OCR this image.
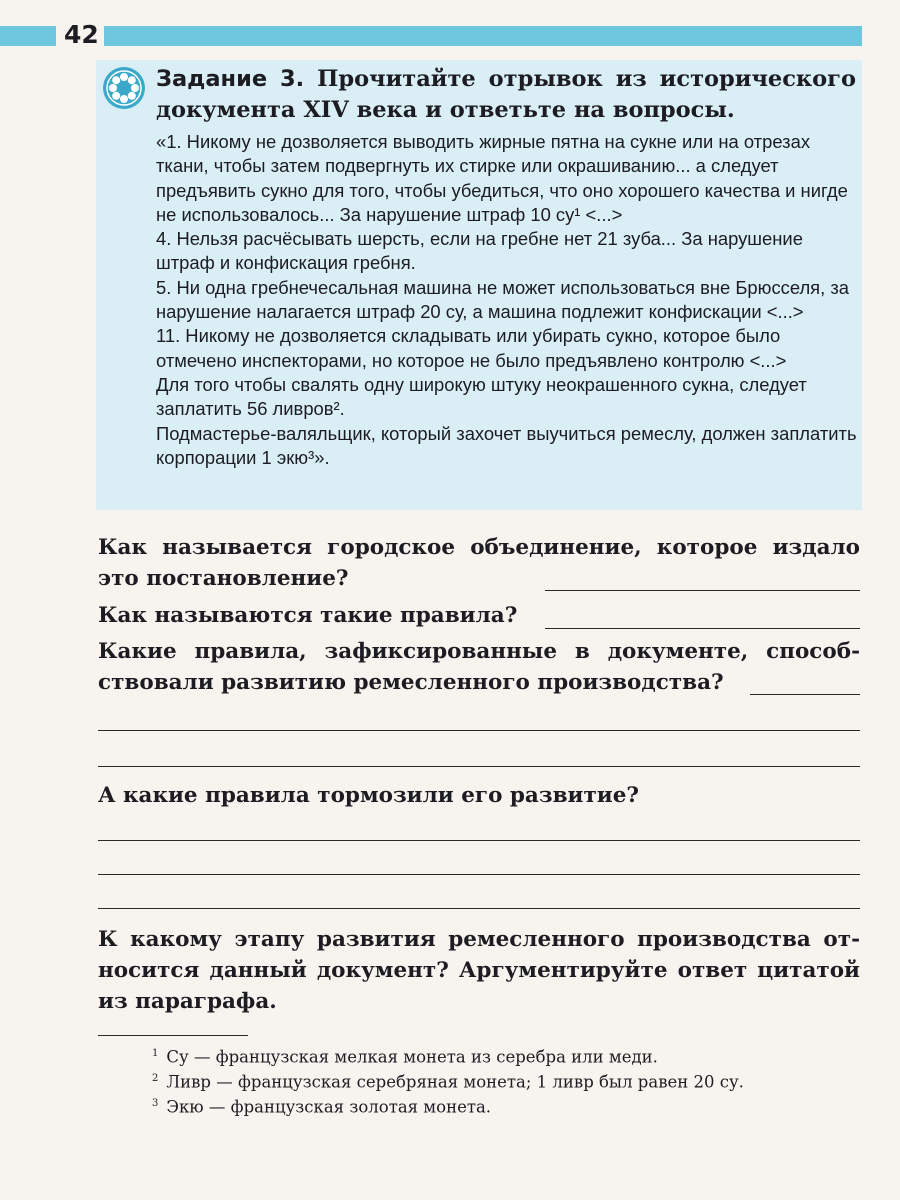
42
Задание 3. Прочитайте отрывок из исторического документа XIV века и ответьте на вопросы.

«1. Никому не дозволяется выводить жирные пятна на сукне или на отрезах ткани, чтобы затем подвергнуть их стирке или окрашиванию... а следует предъявить сукно для того, чтобы убедиться, что оно хорошего качества и нигде не использовалось... За нарушение штраф 10 су¹ <...>

4. Нельзя расчёсывать шерсть, если на гребне нет 21 зуба... За нарушение штраф и конфискация гребня.

5. Ни одна гребнечесальная машина не может использоваться вне Брюсселя, за нарушение налагается штраф 20 су, а машина подлежит конфискации <...>

11. Никому не дозволяется складывать или убирать сукно, которое было отмечено инспекторами, но которое не было предъявлено контролю <...>

Для того чтобы свалять одну широкую штуку неокрашенного сукна, следует заплатить 56 ливров².

Подмастерье-валяльщик, который захочет выучиться ремеслу, должен заплатить корпорации 1 экю³».

Как называется городское объединение, которое издало
это постановление?
Как называются такие правила?
Какие правила, зафиксированные в документе, способ-
ствовали развитию ремесленного производства?
А какие правила тормозили его развитие?
К какому этапу развития ремесленного производства от-
носится данный документ? Аргументируйте ответ цитатой
из параграфа.
$^1$ Су — французская мелкая монета из серебра или меди.
$^2$ Ливр — французская серебряная монета; 1 ливр был равен 20 су.
$^3$ Экю — французская золотая монета.
